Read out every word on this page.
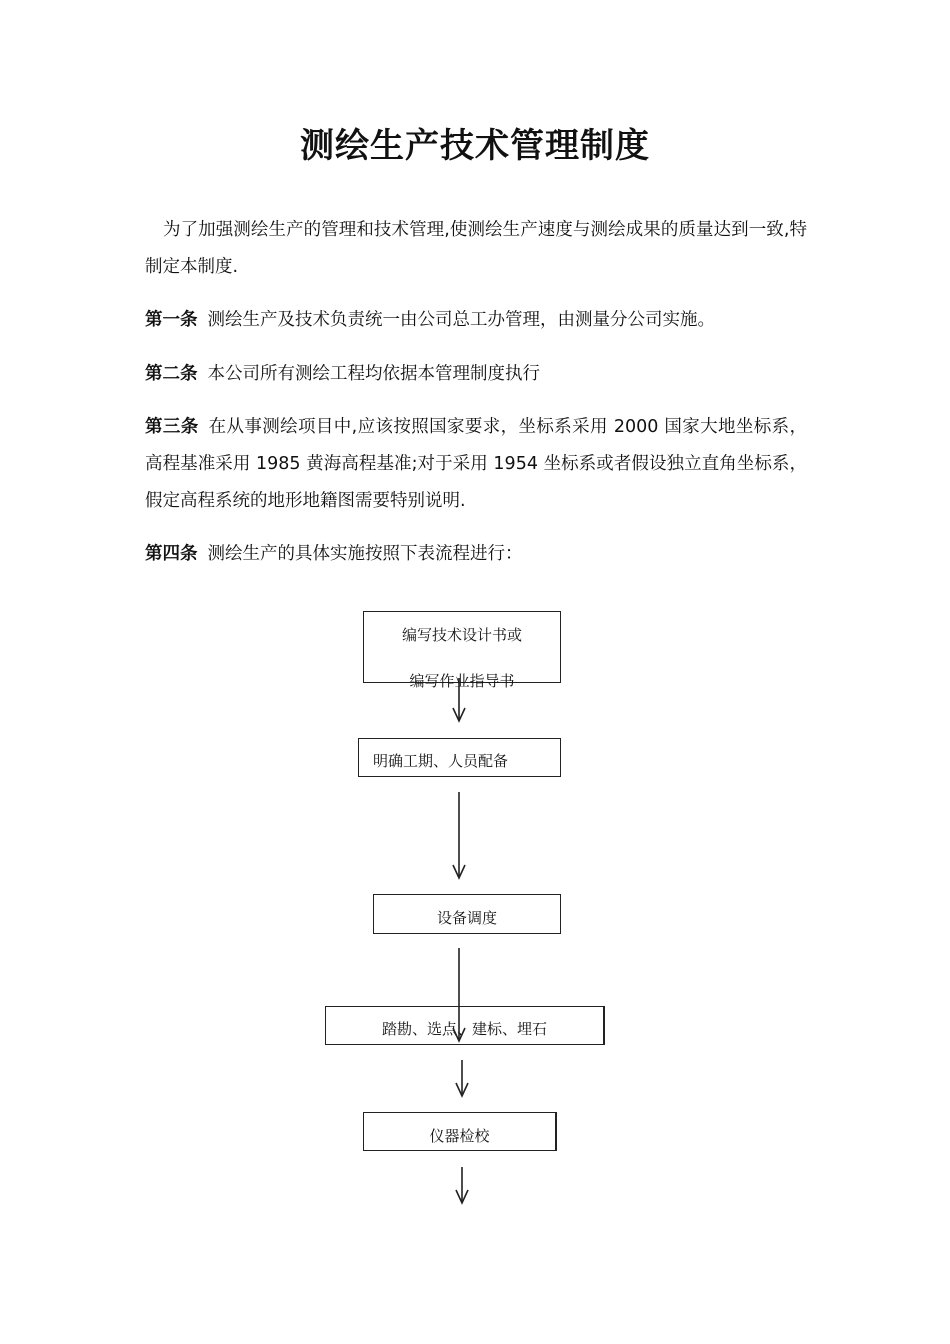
测绘生产技术管理制度
为了加强测绘生产的管理和技术管理,使测绘生产速度与测绘成果的质量达到一致,特制定本制度.
第一条 测绘生产及技术负责统一由公司总工办管理，由测量分公司实施。
第二条 本公司所有测绘工程均依据本管理制度执行
第三条 在从事测绘项目中,应该按照国家要求，坐标系采用 2000 国家大地坐标系，高程基准采用 1985 黄海高程基准;对于采用 1954 坐标系或者假设独立直角坐标系，假定高程系统的地形地籍图需要特别说明.
第四条 测绘生产的具体实施按照下表流程进行：
编写技术设计书或
编写作业指导书
明确工期、人员配备
设备调度
踏勘、选点、建标、埋石
仪器检校
